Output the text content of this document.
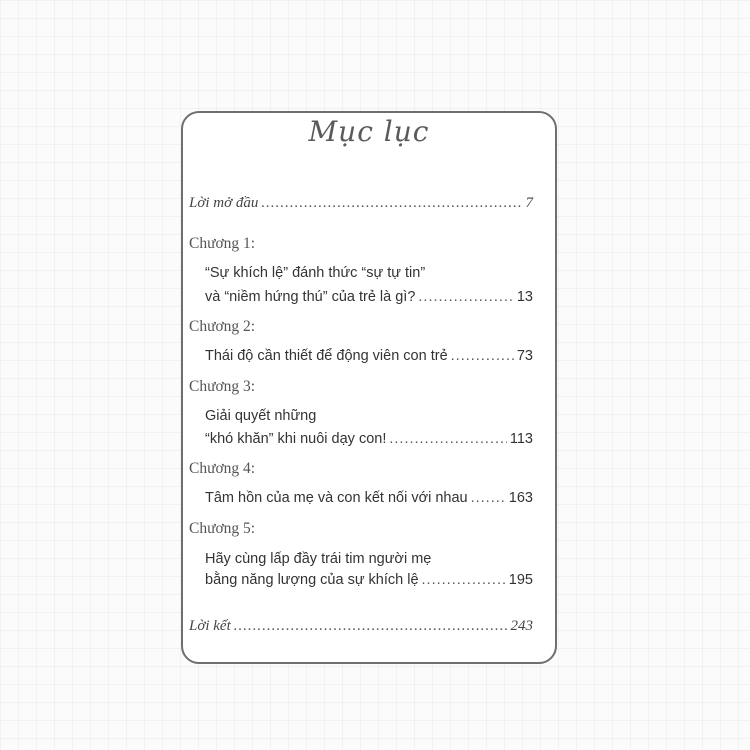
Mục lục
Lời mở đầu .....	7
Chương 1:
“Sự khích lệ” đánh thức “sự tự tin”
và “niềm hứng thú” của trẻ là gì? .....	13
Chương 2:
Thái độ cần thiết để động viên con trẻ .....	73
Chương 3:
Giải quyết những
“khó khăn” khi nuôi dạy con! .....	113
Chương 4:
Tâm hồn của mẹ và con kết nối với nhau .....	163
Chương 5:
Hãy cùng lấp đầy trái tim người mẹ
bằng năng lượng của sự khích lệ .....	195
Lời kết .....	243
